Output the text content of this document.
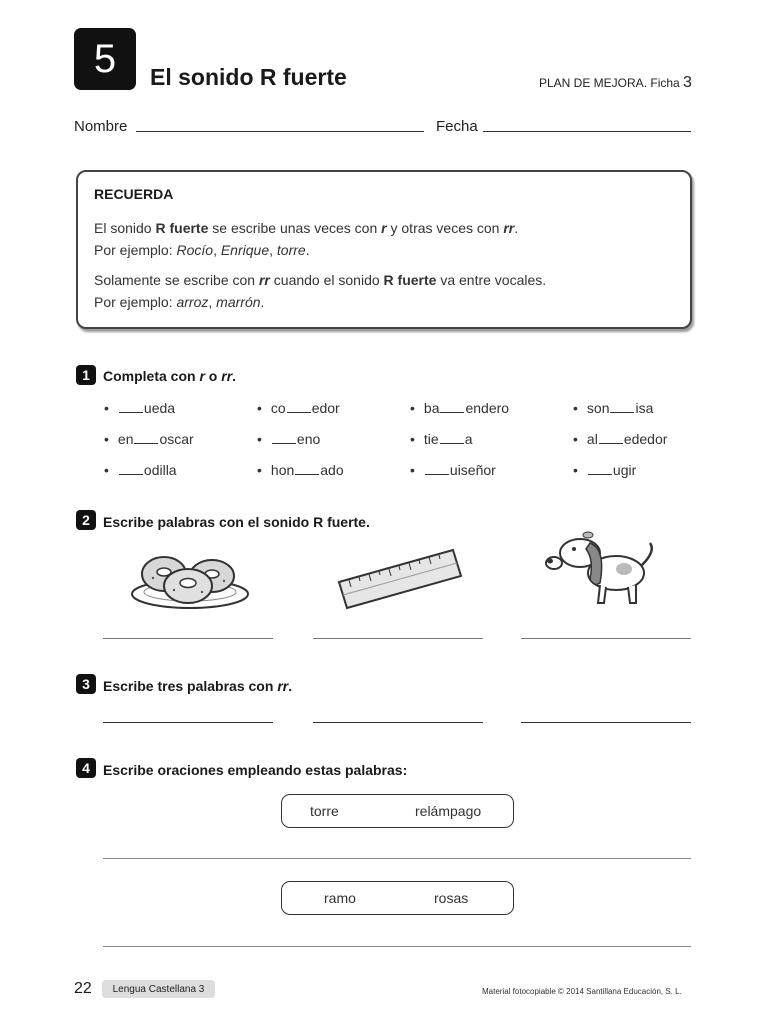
5	El sonido R fuerte	PLAN DE MEJORA. Ficha 3
Nombre	Fecha
RECUERDA
El sonido R fuerte se escribe unas veces con r y otras veces con rr.
Por ejemplo: Rocío, Enrique, torre.
Solamente se escribe con rr cuando el sonido R fuerte va entre vocales.
Por ejemplo: arroz, marrón.
1 Completa con r o rr.
•	ueda	• co edor	• ba endero	• son isa
• en oscar	•	eno	• tie a	• al ededor
•	odilla	• hon ado	•	uiseñor	•	ugir
2 Escribe palabras con el sonido R fuerte.
3 Escribe tres palabras con rr.
4 Escribe oraciones empleando estas palabras:
torre	relámpago
ramo	rosas
22	Lengua Castellana 3	Material fotocopiable © 2014 Santillana Educación, S. L.
